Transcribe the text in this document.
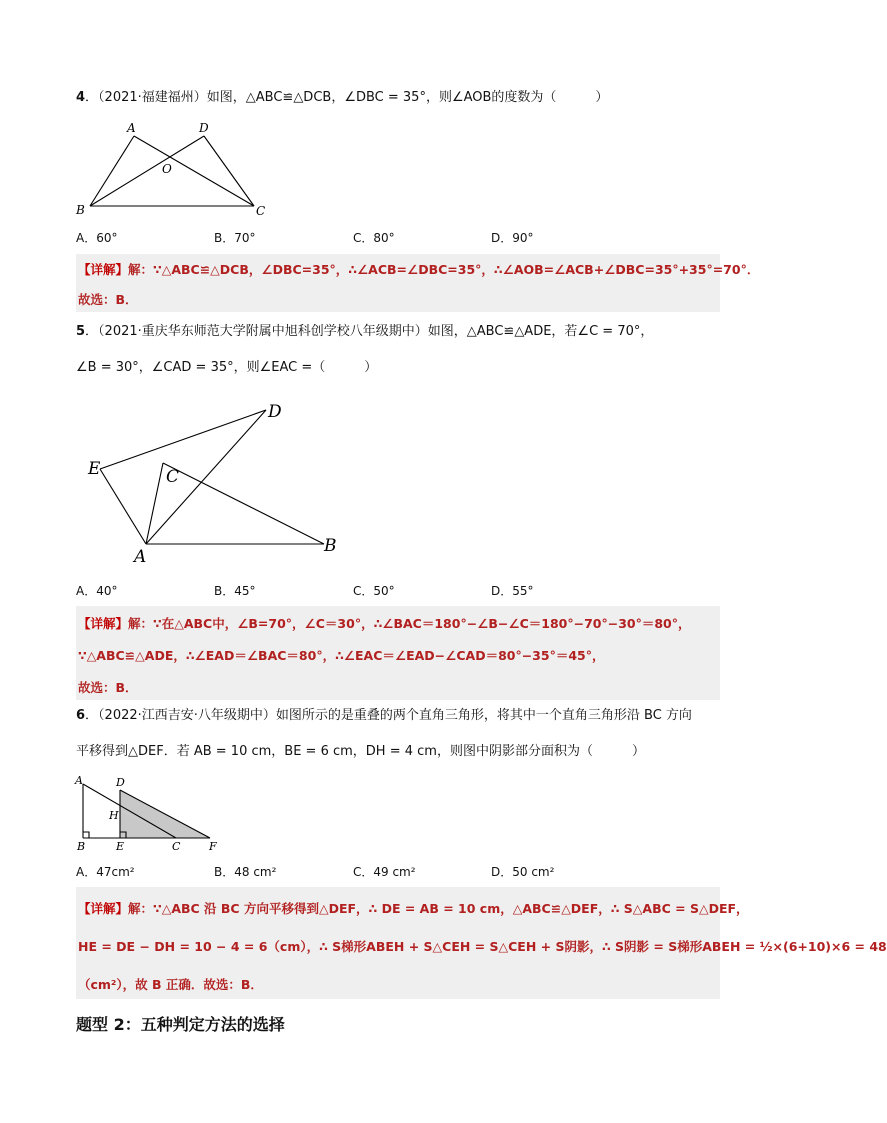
4．（2021·福建福州）如图，△ABC≌△DCB，∠DBC = 35°，则∠AOB的度数为（　　　）
A	D
O
B	C
A．60°	B．70°	C．80°	D．90°
【详解】解：∵△ABC≌△DCB，∠DBC=35°，∴∠ACB=∠DBC=35°，∴∠AOB=∠ACB+∠DBC=35°+35°=70°．
故选：B．
5．（2021·重庆华东师范大学附属中旭科创学校八年级期中）如图，△ABC≌△ADE，若∠C = 70°，
∠B = 30°，∠CAD = 35°，则∠EAC =（　　　）
D
E	C
A
B
A．40°	B．45°	C．50°	D．55°
【详解】解：∵在△ABC中，∠B=70°，∠C＝30°，∴∠BAC＝180°−∠B−∠C＝180°−70°−30°＝80°，
∵△ABC≌△ADE，∴∠EAD＝∠BAC＝80°，∴∠EAC＝∠EAD−∠CAD＝80°−35°＝45°，
故选：B．
6．（2022·江西吉安·八年级期中）如图所示的是重叠的两个直角三角形，将其中一个直角三角形沿 BC 方向
平移得到△DEF．若 AB = 10 cm，BE = 6 cm，DH = 4 cm，则图中阴影部分面积为（　　　）
A	D
H
B	E	C	F
A．47cm²	B．48 cm²	C．49 cm²	D．50 cm²
【详解】解：∵△ABC 沿 BC 方向平移得到△DEF，∴ DE = AB = 10 cm，△ABC≌△DEF，∴ S△ABC = S△DEF，
HE = DE − DH = 10 − 4 = 6（cm），∴ S梯形ABEH + S△CEH = S△CEH + S阴影，∴ S阴影 = S梯形ABEH = ½×(6+10)×6 = 48
（cm²），故 B 正确．故选：B．
题型 2：五种判定方法的选择
